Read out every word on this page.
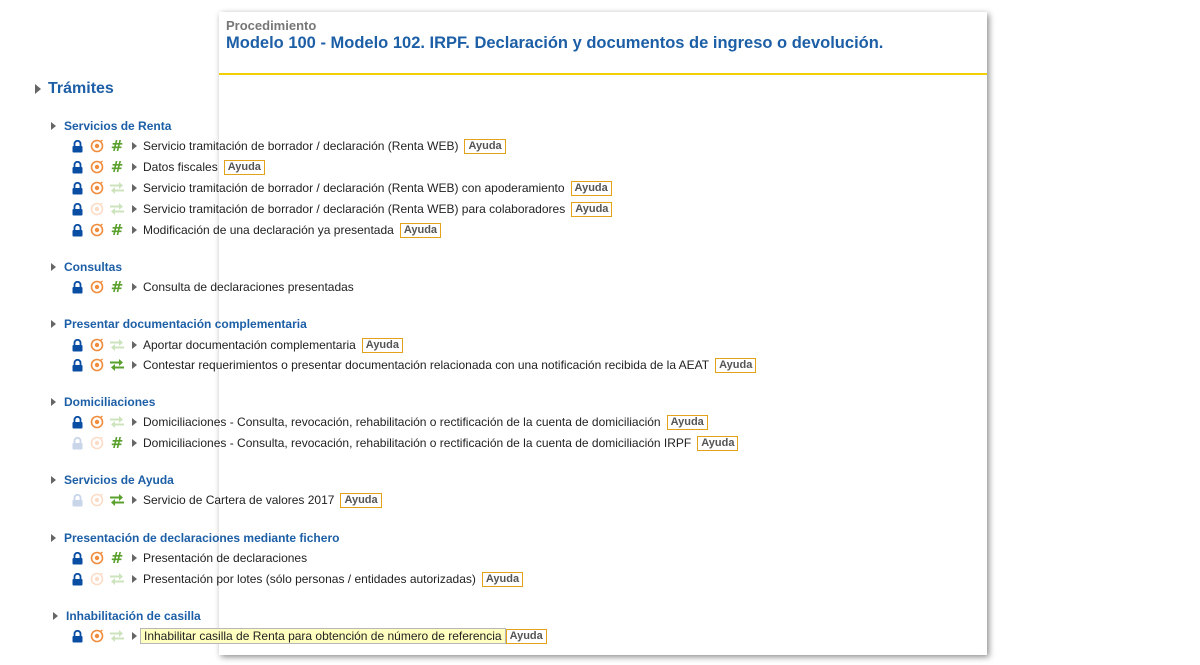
Procedimiento
Modelo 100 - Modelo 102. IRPF. Declaración y documentos de ingreso o devolución.
Trámites
Servicios de Renta
# Servicio tramitación de borrador / declaración (Renta WEB) Ayuda
# Datos fiscales Ayuda
Servicio tramitación de borrador / declaración (Renta WEB) con apoderamiento Ayuda
Servicio tramitación de borrador / declaración (Renta WEB) para colaboradores Ayuda
# Modificación de una declaración ya presentada Ayuda
Consultas
# Consulta de declaraciones presentadas
Presentar documentación complementaria
Aportar documentación complementaria Ayuda
Contestar requerimientos o presentar documentación relacionada con una notificación recibida de la AEAT Ayuda
Domiciliaciones
Domiciliaciones - Consulta, revocación, rehabilitación o rectificación de la cuenta de domiciliación Ayuda
# Domiciliaciones - Consulta, revocación, rehabilitación o rectificación de la cuenta de domiciliación IRPF Ayuda
Servicios de Ayuda
Servicio de Cartera de valores 2017 Ayuda
Presentación de declaraciones mediante fichero
# Presentación de declaraciones
Presentación por lotes (sólo personas / entidades autorizadas) Ayuda
Inhabilitación de casilla
Inhabilitar casilla de Renta para obtención de número de referencia Ayuda
